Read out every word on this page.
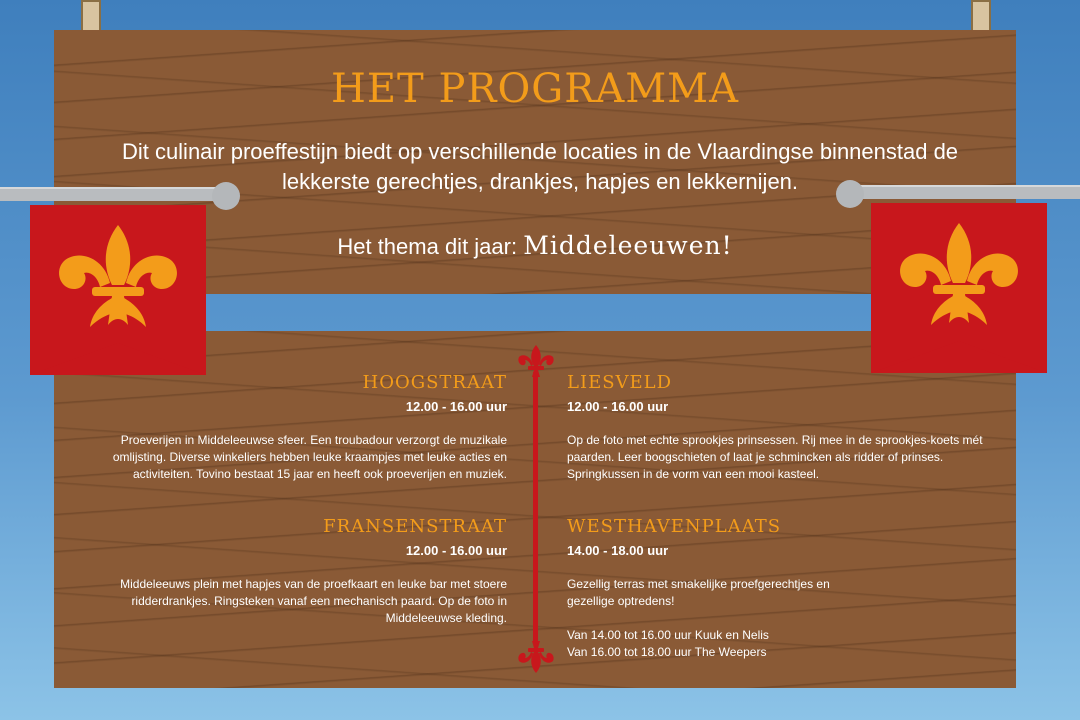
HET PROGRAMMA
Dit culinair proeffestijn biedt op verschillende locaties in de Vlaardingse binnenstad de lekkerste gerechtjes, drankjes, hapjes en lekkernijen.
Het thema dit jaar: Middeleeuwen!
HOOGSTRAAT

12.00 - 16.00 uur

Proeverijen in Middeleeuwse sfeer. Een troubadour verzorgt de muzikale omlijsting. Diverse winkeliers hebben leuke kraampjes met leuke acties en activiteiten. Tovino bestaat 15 jaar en heeft ook proeverijen en muziek.

LIESVELD

12.00 - 16.00 uur

Op de foto met echte sprookjes prinsessen. Rij mee in de sprookjes-koets mét paarden. Leer boogschieten of laat je schmincken als ridder of prinses. Springkussen in de vorm van een mooi kasteel.

FRANSENSTRAAT

12.00 - 16.00 uur

Middeleeuws plein met hapjes van de proefkaart en leuke bar met stoere ridderdrankjes. Ringsteken vanaf een mechanisch paard. Op de foto in Middeleeuwse kleding.

WESTHAVENPLAATS

14.00 - 18.00 uur

Gezellig terras met smakelijke proefgerechtjes en gezellige optredens!

Van 14.00 tot 16.00 uur Kuuk en Nelis

Van 16.00 tot 18.00 uur The Weepers
